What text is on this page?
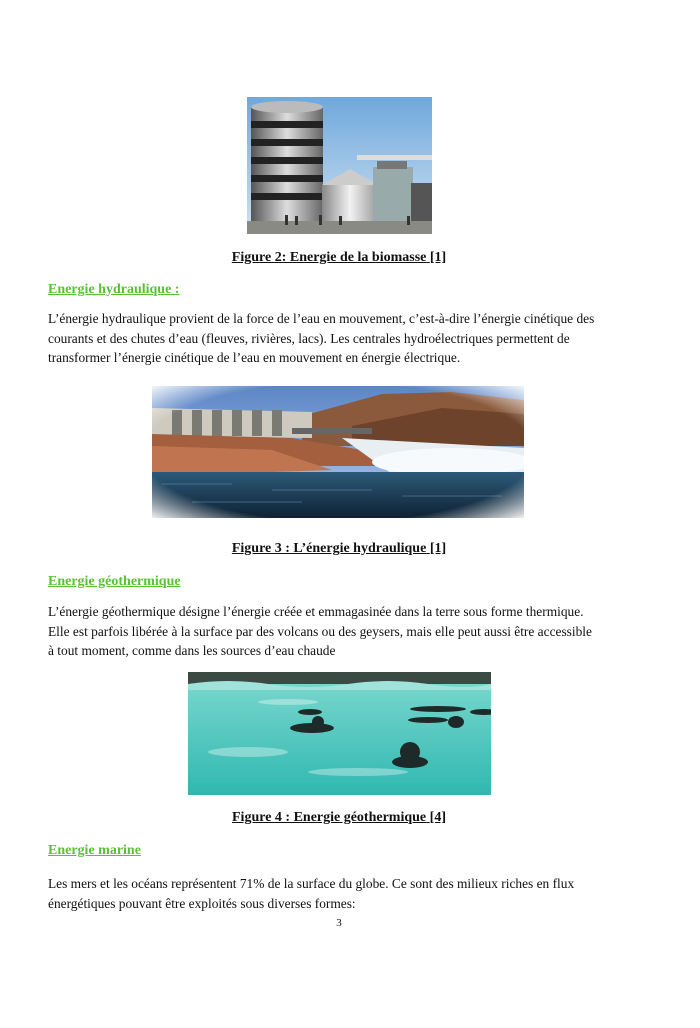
Figure 2: Energie de la biomasse [1]
Energie hydraulique :
L’énergie hydraulique provient de la force de l’eau en mouvement, c’est-à-dire l’énergie cinétique des
courants et des chutes d’eau (fleuves, rivières, lacs). Les centrales hydroélectriques permettent de
transformer l’énergie cinétique de l’eau en mouvement en énergie électrique.
Figure 3 : L’énergie hydraulique [1]
Energie géothermique
L’énergie géothermique désigne l’énergie créée et emmagasinée dans la terre sous forme thermique.
Elle est parfois libérée à la surface par des volcans ou des geysers, mais elle peut aussi être accessible
à tout moment, comme dans les sources d’eau chaude
Figure 4 : Energie géothermique [4]
Energie marine
Les mers et les océans représentent 71% de la surface du globe. Ce sont des milieux riches en flux
énergétiques pouvant être exploités sous diverses formes:
3
